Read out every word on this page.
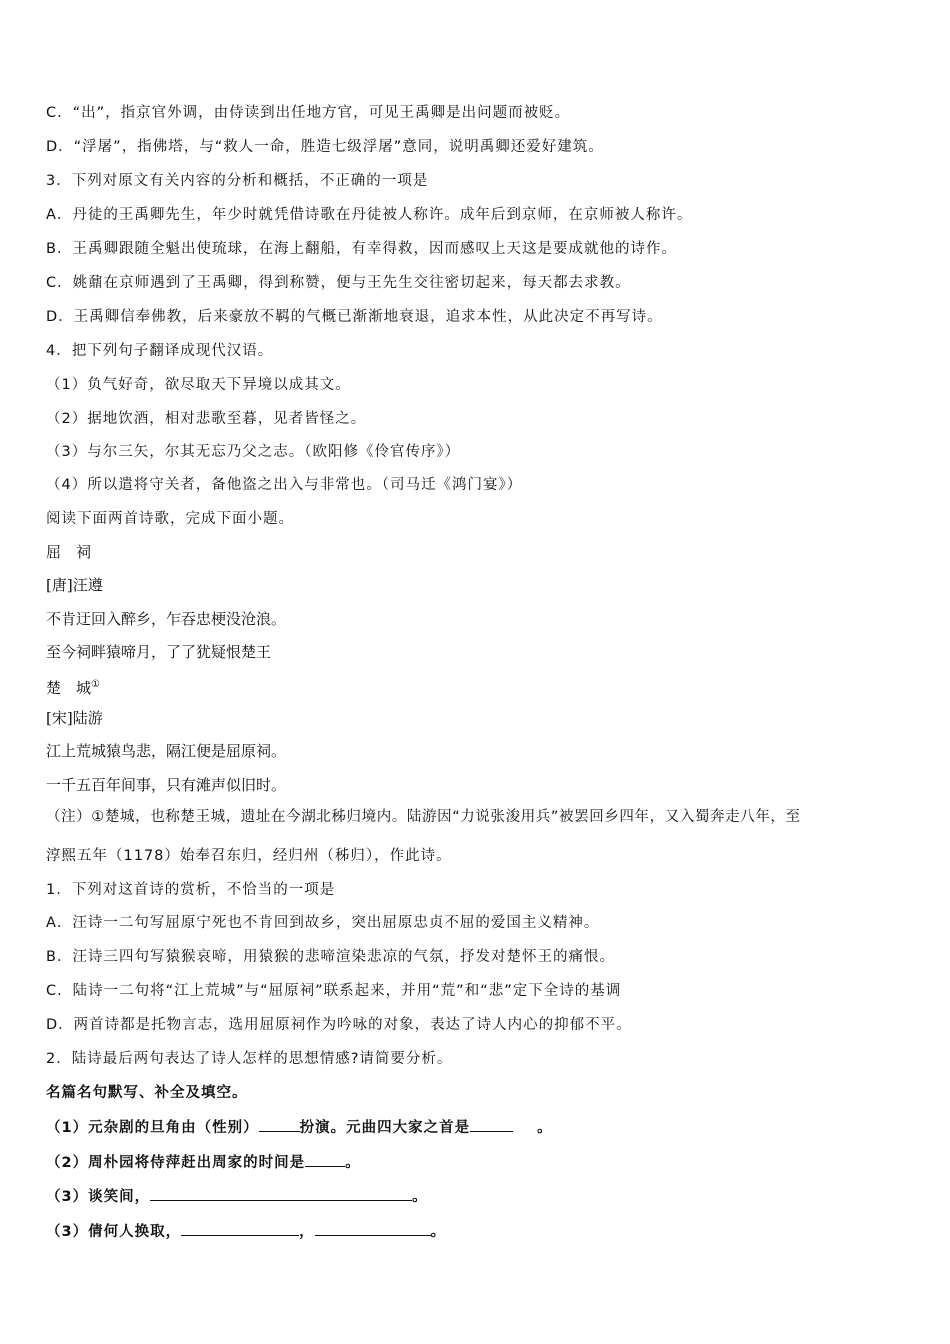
C．“出”，指京官外调，由侍读到出任地方官，可见王禹卿是出问题而被贬。
D．“浮屠”，指佛塔，与“救人一命，胜造七级浮屠”意同，说明禹卿还爱好建筑。
3．下列对原文有关内容的分析和概括，不正确的一项是
A．丹徒的王禹卿先生，年少时就凭借诗歌在丹徒被人称许。成年后到京师，在京师被人称许。
B．王禹卿跟随全魁出使琉球，在海上翻船，有幸得救，因而感叹上天这是要成就他的诗作。
C．姚鼐在京师遇到了王禹卿，得到称赞，便与王先生交往密切起来，每天都去求教。
D．王禹卿信奉佛教，后来豪放不羁的气概已渐渐地衰退，追求本性，从此决定不再写诗。
4．把下列句子翻译成现代汉语。
（1）负气好奇，欲尽取天下异境以成其文。
（2）据地饮酒，相对悲歌至暮，见者皆怪之。
（3）与尔三矢，尔其无忘乃父之志。（欧阳修《伶官传序》）
（4）所以遣将守关者，备他盗之出入与非常也。（司马迁《鸿门宴》）
阅读下面两首诗歌，完成下面小题。
屈　祠
[唐]汪遵
不肯迂回入醉乡，乍吞忠梗没沧浪。
至今祠畔猿啼月，了了犹疑恨楚王
楚　城①
[宋]陆游
江上荒城猿鸟悲，隔江便是屈原祠。
一千五百年间事，只有滩声似旧时。
（注）①楚城，也称楚王城，遗址在今湖北秭归境内。陆游因“力说张浚用兵”被罢回乡四年，又入蜀奔走八年，至
淳熙五年（1178）始奉召东归，经归州（秭归），作此诗。
1．下列对这首诗的赏析，不恰当的一项是
A．汪诗一二句写屈原宁死也不肯回到故乡，突出屈原忠贞不屈的爱国主义精神。
B．汪诗三四句写猿猴哀啼，用猿猴的悲啼渲染悲凉的气氛，抒发对楚怀王的痛恨。
C．陆诗一二句将“江上荒城”与“屈原祠”联系起来，并用“荒”和“悲”定下全诗的基调
D．两首诗都是托物言志，选用屈原祠作为吟咏的对象，表达了诗人内心的抑郁不平。
2．陆诗最后两句表达了诗人怎样的思想情感?请简要分析。
名篇名句默写、补全及填空。
（1）元杂剧的旦角由（性别）	扮演。元曲四大家之首是	。
（2）周朴园将侍萍赶出周家的时间是	。
（3）谈笑间，	。
（3）倩何人换取，	，	。
